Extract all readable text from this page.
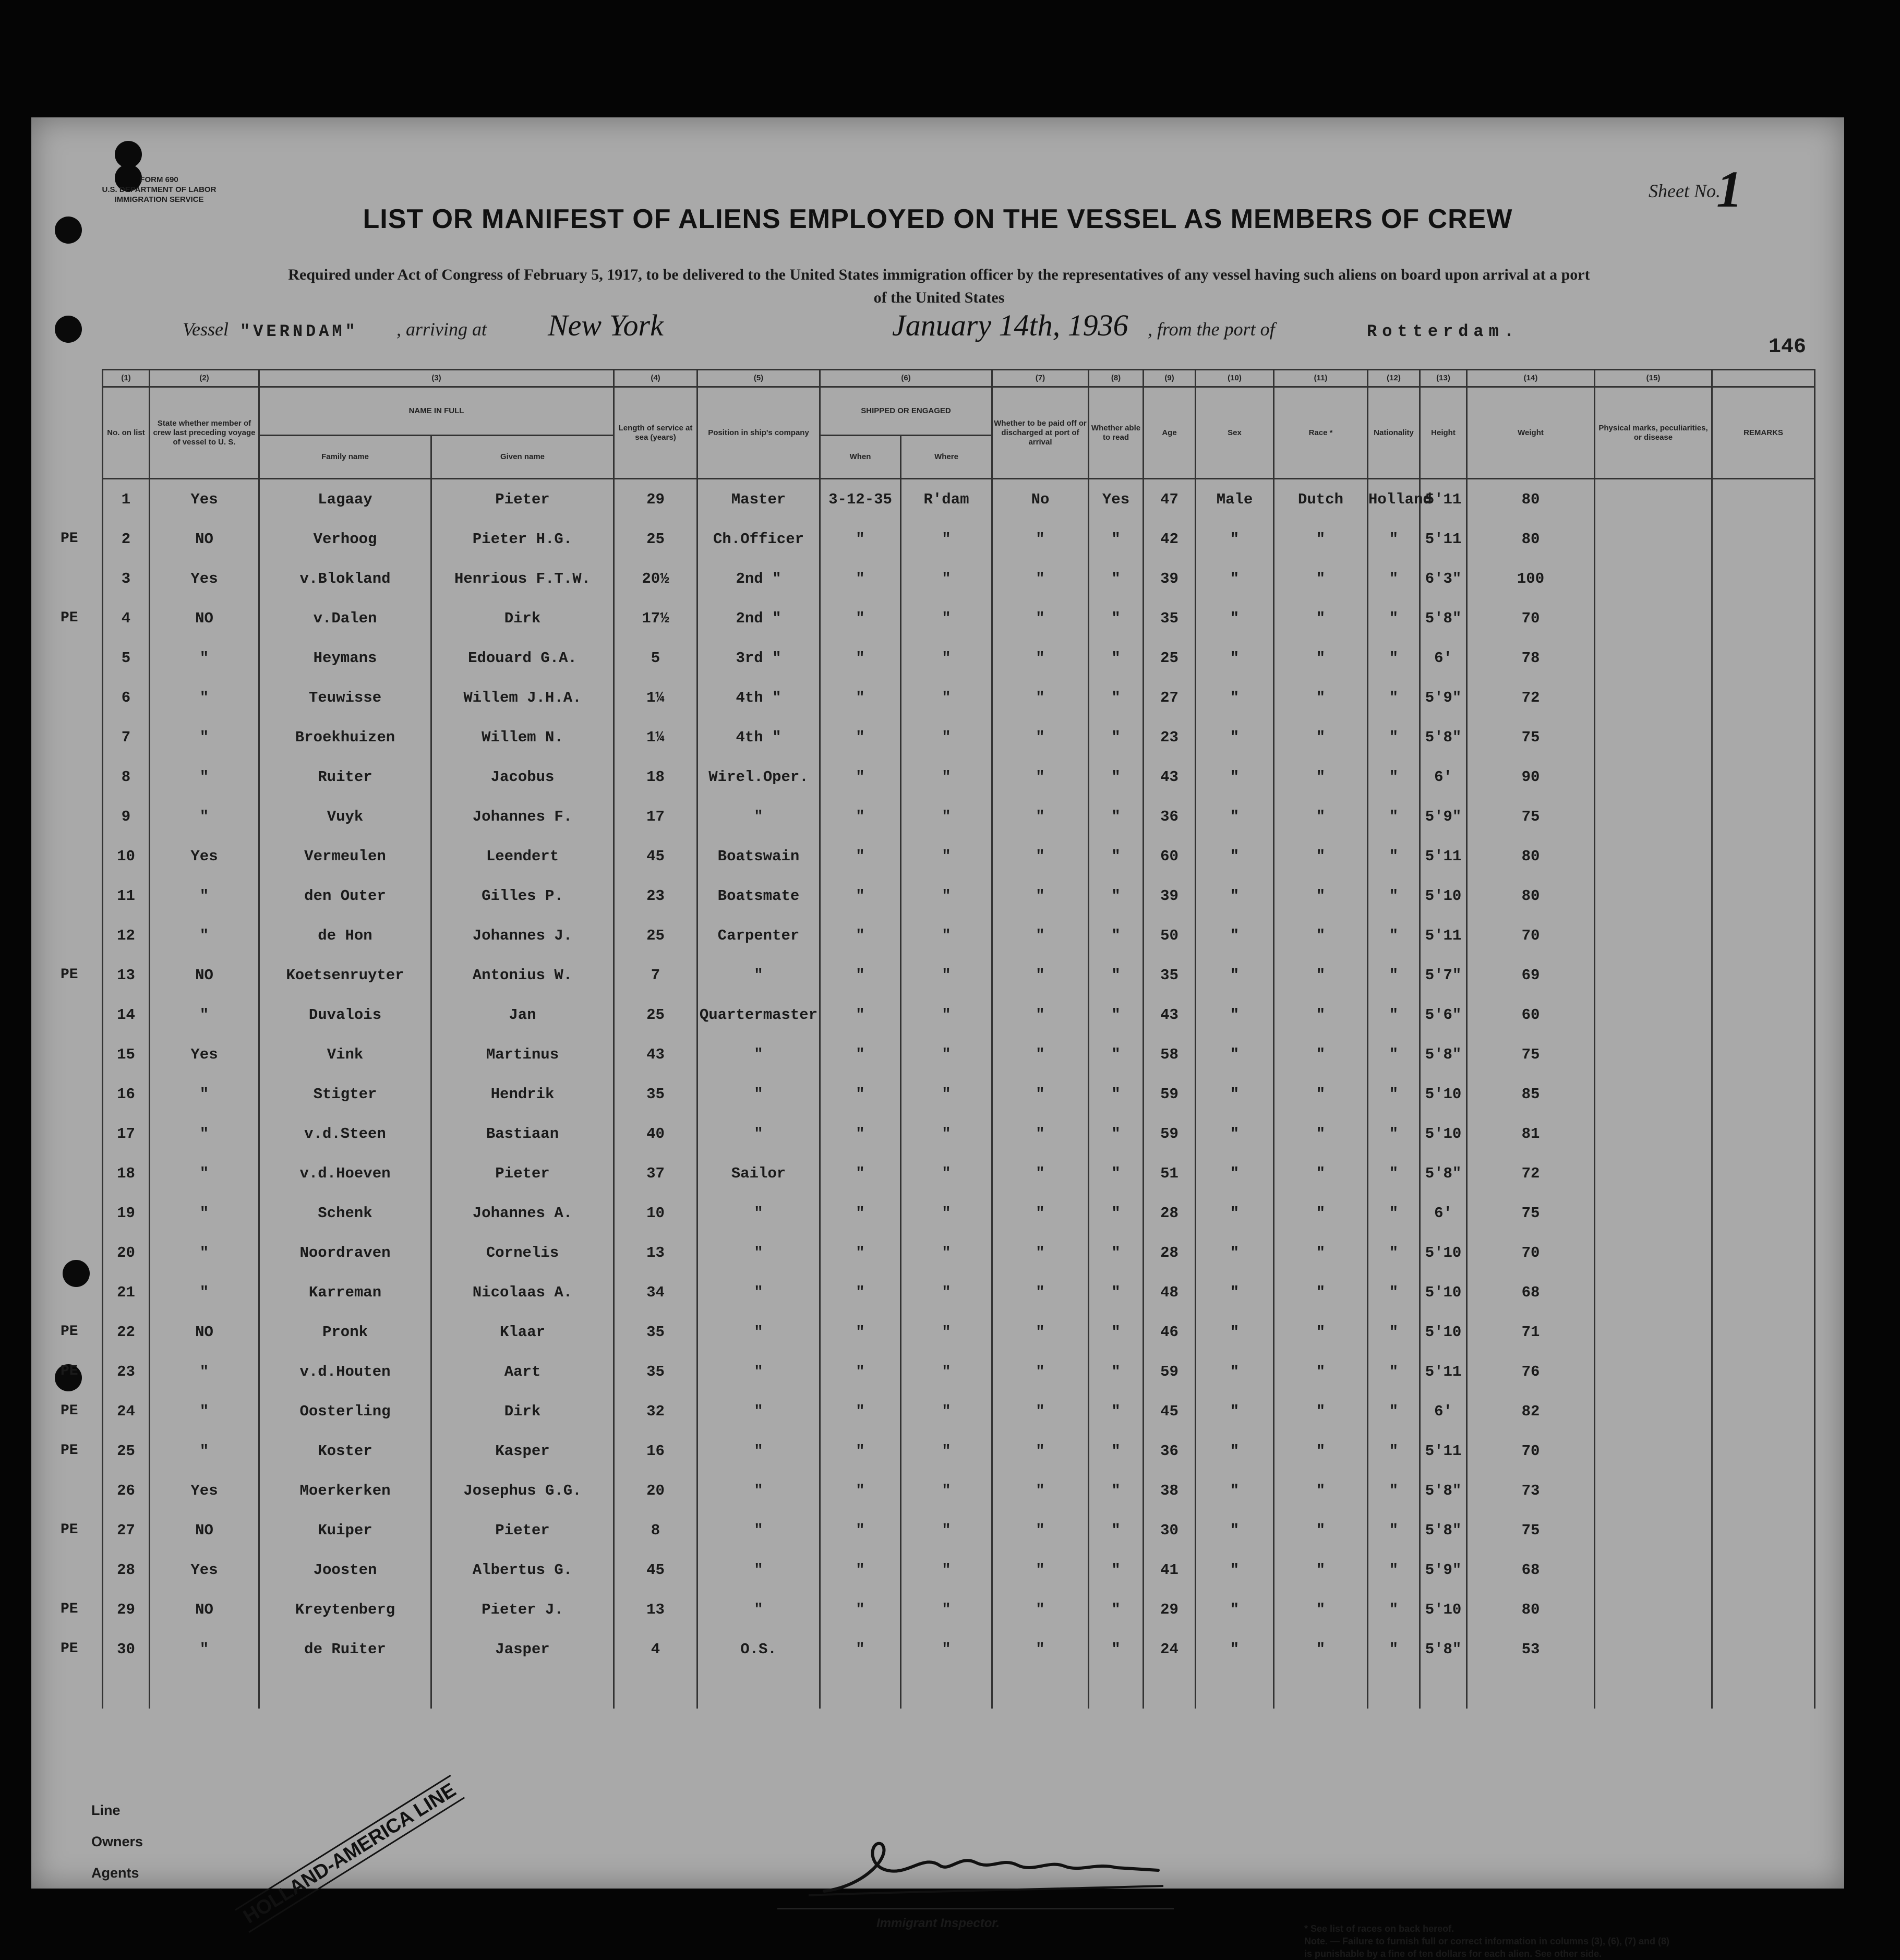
FORM 690
U.S. DEPARTMENT OF LABOR
IMMIGRATION SERVICE	Sheet No.
1
LIST OR MANIFEST OF ALIENS EMPLOYED ON THE VESSEL AS MEMBERS OF CREW
Required under Act of Congress of February 5, 1917, to be delivered to the United States immigration officer by the representatives of any vessel having such aliens on board upon arrival at a port
of the United States
Vessel "VERNDAM" , arriving at New York	January 14th, 1936 , from the port of	Rotterdam.
146
(1)	(2)	(3)		(4)	(5)	(6)		(7)	(8)	(9)	(10)	(11)	(12)	(13)	(14)	(15)	
No. on list	State whether member of crew last preceding voyage of vessel to U. S.	NAME IN FULL		Length of service at sea (years)	Position in ship's company	SHIPPED OR ENGAGED		Whether to be paid off or discharged at port of arrival	Whether able to read	Age	Sex	Race *	Nationality	Height	Weight	Physical marks, peculiarities, or disease	REMARKS
		Family name	Given name			When	Where										
1	Yes	Lagaay	Pieter	29	Master	3-12-35	R'dam	No	Yes	47	Male	Dutch	Holland	5'11	80		
2	NO	Verhoog	Pieter H.G.	25	Ch.Officer	"	"	"	"	42	"	"	"	5'11	80		
3	Yes	v.Blokland	Henrious F.T.W.	20½	2nd "	"	"	"	"	39	"	"	"	6'3"	100		
4	NO	v.Dalen	Dirk	17½	2nd "	"	"	"	"	35	"	"	"	5'8"	70		
5	"	Heymans	Edouard G.A.	5	3rd "	"	"	"	"	25	"	"	"	6'	78		
6	"	Teuwisse	Willem J.H.A.	1¼	4th "	"	"	"	"	27	"	"	"	5'9"	72		
7	"	Broekhuizen	Willem N.	1¼	4th "	"	"	"	"	23	"	"	"	5'8"	75		
8	"	Ruiter	Jacobus	18	Wirel.Oper.	"	"	"	"	43	"	"	"	6'	90		
9	"	Vuyk	Johannes F.	17	"	"	"	"	"	36	"	"	"	5'9"	75		
10	Yes	Vermeulen	Leendert	45	Boatswain	"	"	"	"	60	"	"	"	5'11	80		
11	"	den Outer	Gilles P.	23	Boatsmate	"	"	"	"	39	"	"	"	5'10	80		
12	"	de Hon	Johannes J.	25	Carpenter	"	"	"	"	50	"	"	"	5'11	70		
13	NO	Koetsenruyter	Antonius W.	7	"	"	"	"	"	35	"	"	"	5'7"	69		
14	"	Duvalois	Jan	25	Quartermaster	"	"	"	"	43	"	"	"	5'6"	60		
15	Yes	Vink	Martinus	43	"	"	"	"	"	58	"	"	"	5'8"	75		
16	"	Stigter	Hendrik	35	"	"	"	"	"	59	"	"	"	5'10	85		
17	"	v.d.Steen	Bastiaan	40	"	"	"	"	"	59	"	"	"	5'10	81		
18	"	v.d.Hoeven	Pieter	37	Sailor	"	"	"	"	51	"	"	"	5'8"	72		
19	"	Schenk	Johannes A.	10	"	"	"	"	"	28	"	"	"	6'	75		
20	"	Noordraven	Cornelis	13	"	"	"	"	"	28	"	"	"	5'10	70		
21	"	Karreman	Nicolaas A.	34	"	"	"	"	"	48	"	"	"	5'10	68		
22	NO	Pronk	Klaar	35	"	"	"	"	"	46	"	"	"	5'10	71		
23	"	v.d.Houten	Aart	35	"	"	"	"	"	59	"	"	"	5'11	76		
24	"	Oosterling	Dirk	32	"	"	"	"	"	45	"	"	"	6'	82		
25	"	Koster	Kasper	16	"	"	"	"	"	36	"	"	"	5'11	70		
26	Yes	Moerkerken	Josephus G.G.	20	"	"	"	"	"	38	"	"	"	5'8"	73		
27	NO	Kuiper	Pieter	8	"	"	"	"	"	30	"	"	"	5'8"	75		
28	Yes	Joosten	Albertus G.	45	"	"	"	"	"	41	"	"	"	5'9"	68		
29	NO	Kreytenberg	Pieter J.	13	"	"	"	"	"	29	"	"	"	5'10	80		
30	"	de Ruiter	Jasper	4	O.S.	"	"	"	"	24	"	"	"	5'8"	53		

PE
PE
PE
PE
PE
PE
PE
PE
PE
PE
Line
Owners
Agents	HOLLAND-AMERICA LINE	Immigrant Inspector.	* See list of races on back hereof.
Note. — Failure to furnish full or correct information in columns (3), (6), (7) and (8)
is punishable by a fine of ten dollars for each alien. See other side.
